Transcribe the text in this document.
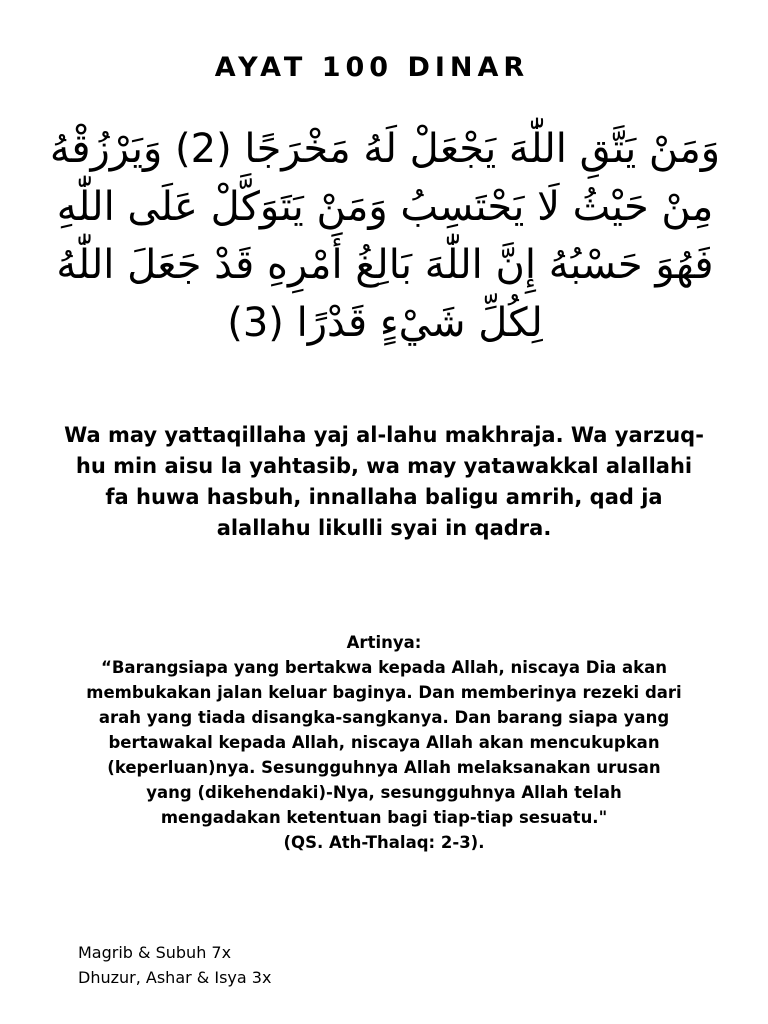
AYAT 100 DINAR
وَمَنْ يَتَّقِ اللّٰهَ يَجْعَلْ لَهُ مَخْرَجًا (2) وَيَرْزُقْهُ مِنْ حَيْثُ لَا يَحْتَسِبُ وَمَنْ يَتَوَكَّلْ عَلَى اللّٰهِ فَهُوَ حَسْبُهُ إِنَّ اللّٰهَ بَالِغُ أَمْرِهِ قَدْ جَعَلَ اللّٰهُ لِكُلِّ شَيْءٍ قَدْرًا (3)
Wa may yattaqillaha yaj al-lahu makhraja. Wa yarzuq-hu min aisu la yahtasib, wa may yatawakkal alallahi fa huwa hasbuh, innallaha baligu amrih, qad ja alallahu likulli syai in qadra.
Artinya:
“Barangsiapa yang bertakwa kepada Allah, niscaya Dia akan membukakan jalan keluar baginya. Dan memberinya rezeki dari arah yang tiada disangka-sangkanya. Dan barang siapa yang bertawakal kepada Allah, niscaya Allah akan mencukupkan (keperluan)nya. Sesungguhnya Allah melaksanakan urusan yang (dikehendaki)-Nya, sesungguhnya Allah telah mengadakan ketentuan bagi tiap-tiap sesuatu."
(QS. Ath-Thalaq: 2-3).
Magrib & Subuh 7x
Dhuzur, Ashar & Isya 3x
